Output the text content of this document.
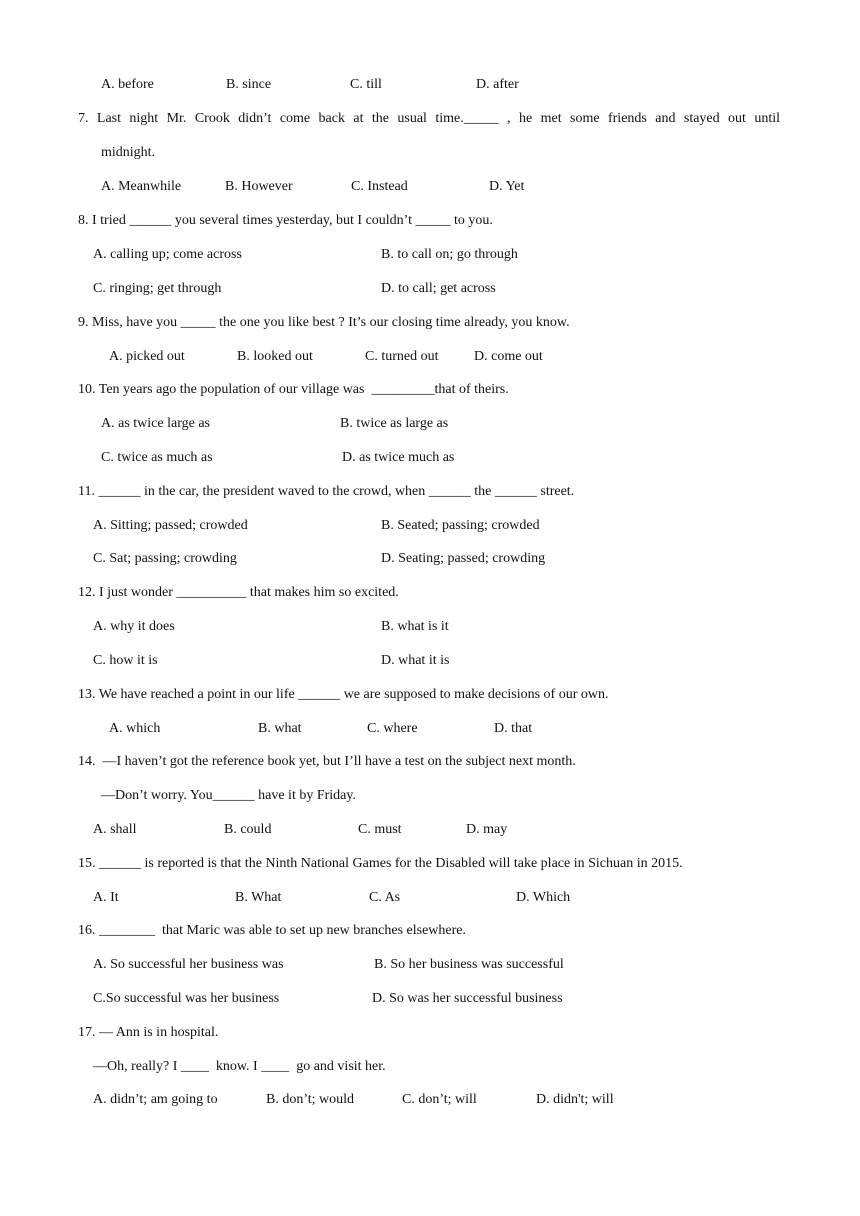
A. before	B. since	C. till	D. after
7. Last night Mr. Crook didn’t come back at the usual time._____ , he met some friends and stayed out until
midnight.
A. Meanwhile	B. However	C. Instead	D. Yet
8. I tried ______ you several times yesterday, but I couldn’t _____ to you.
A. calling up; come across	B. to call on; go through
C. ringing; get through	D. to call; get across
9. Miss, have you _____ the one you like best ? It’s our closing time already, you know.
A. picked out	B. looked out	C. turned out	D. come out
10. Ten years ago the population of our village was  _________that of theirs.
A. as twice large as	B. twice as large as
C. twice as much as	D. as twice much as
11. ______ in the car, the president waved to the crowd, when ______ the ______ street.
A. Sitting; passed; crowded	B. Seated; passing; crowded
C. Sat; passing; crowding	D. Seating; passed; crowding
12. I just wonder __________ that makes him so excited.
A. why it does	B. what is it
C. how it is	D. what it is
13. We have reached a point in our life ______ we are supposed to make decisions of our own.
A. which	B. what	C. where	D. that
14.  —I haven’t got the reference book yet, but I’ll have a test on the subject next month.
—Don’t worry. You______ have it by Friday.
A. shall	B. could	C. must	D. may
15. ______ is reported is that the Ninth National Games for the Disabled will take place in Sichuan in 2015.
A. It	B. What	C. As	D. Which
16. ________  that Maric was able to set up new branches elsewhere.
A. So successful her business was	B. So her business was successful
C.So successful was her business	D. So was her successful business
17. — Ann is in hospital.
—Oh, really? I ____  know. I ____  go and visit her.
A. didn’t; am going to	B. don’t; would	C. don’t; will	D. didn't; will
